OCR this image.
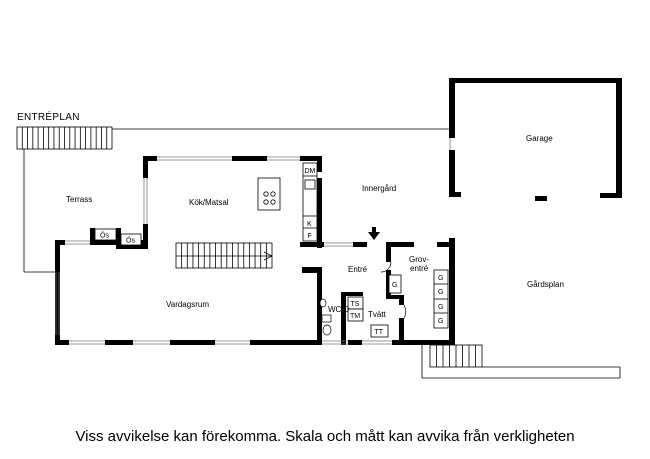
ENTRÉPLAN
DM
K
F
Ös
Ös
G
G
G
G
G
TS
TM
TT
Terrass	Kök/Matsal
Innergård
Garage
Entré
Grov-
entré
Gårdsplan
Vardagsrum
WC/D
Tvätt
Viss avvikelse kan förekomma. Skala och mått kan avvika från verkligheten
